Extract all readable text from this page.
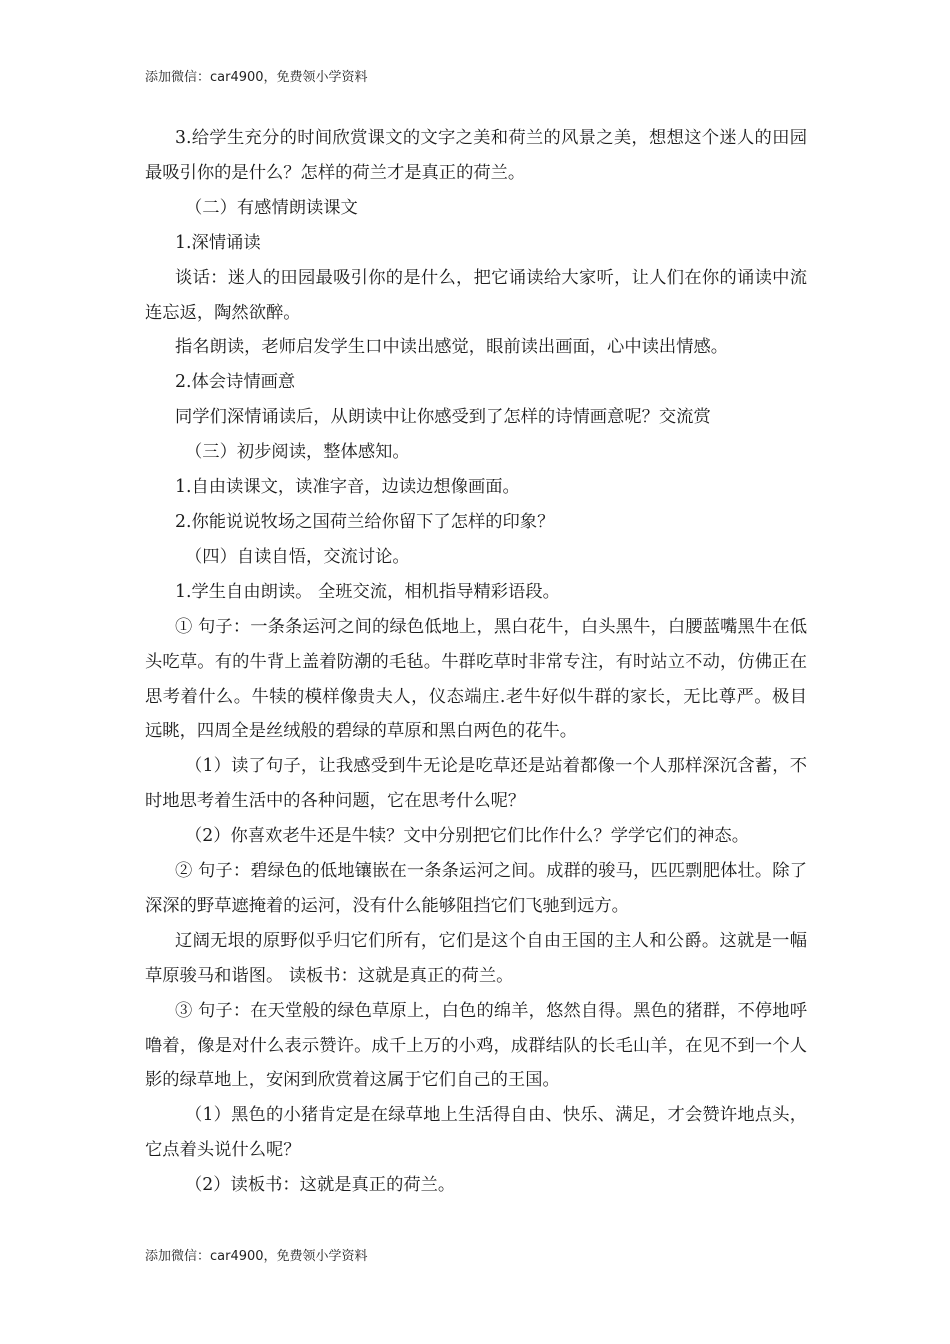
添加微信：car4900，免费领小学资料

3.给学生充分的时间欣赏课文的文字之美和荷兰的风景之美，想想这个迷人的田园最吸引你的是什么？怎样的荷兰才是真正的荷兰。

（二）有感情朗读课文

1.深情诵读

谈话：迷人的田园最吸引你的是什么，把它诵读给大家听，让人们在你的诵读中流连忘返，陶然欲醉。

指名朗读，老师启发学生口中读出感觉，眼前读出画面，心中读出情感。

2.体会诗情画意

同学们深情诵读后，从朗读中让你感受到了怎样的诗情画意呢？交流赏

（三）初步阅读，整体感知。

1.自由读课文，读准字音，边读边想像画面。

2.你能说说牧场之国荷兰给你留下了怎样的印象？

（四）自读自悟，交流讨论。

1.学生自由朗读。 全班交流，相机指导精彩语段。

① 句子：一条条运河之间的绿色低地上，黑白花牛，白头黑牛，白腰蓝嘴黑牛在低头吃草。有的牛背上盖着防潮的毛毡。牛群吃草时非常专注，有时站立不动，仿佛正在思考着什么。牛犊的模样像贵夫人，仪态端庄.老牛好似牛群的家长，无比尊严。极目远眺，四周全是丝绒般的碧绿的草原和黑白两色的花牛。

（1）读了句子，让我感受到牛无论是吃草还是站着都像一个人那样深沉含蓄，不时地思考着生活中的各种问题，它在思考什么呢？

（2）你喜欢老牛还是牛犊？文中分别把它们比作什么？学学它们的神态。

② 句子：碧绿色的低地镶嵌在一条条运河之间。成群的骏马，匹匹剽肥体壮。除了深深的野草遮掩着的运河，没有什么能够阻挡它们飞驰到远方。

辽阔无垠的原野似乎归它们所有，它们是这个自由王国的主人和公爵。这就是一幅草原骏马和谐图。 读板书：这就是真正的荷兰。

③ 句子：在天堂般的绿色草原上，白色的绵羊，悠然自得。黑色的猪群，不停地呼噜着，像是对什么表示赞许。成千上万的小鸡，成群结队的长毛山羊，在见不到一个人影的绿草地上，安闲到欣赏着这属于它们自己的王国。

（1）黑色的小猪肯定是在绿草地上生活得自由、快乐、满足，才会赞许地点头，它点着头说什么呢？

（2）读板书：这就是真正的荷兰。

添加微信：car4900，免费领小学资料
